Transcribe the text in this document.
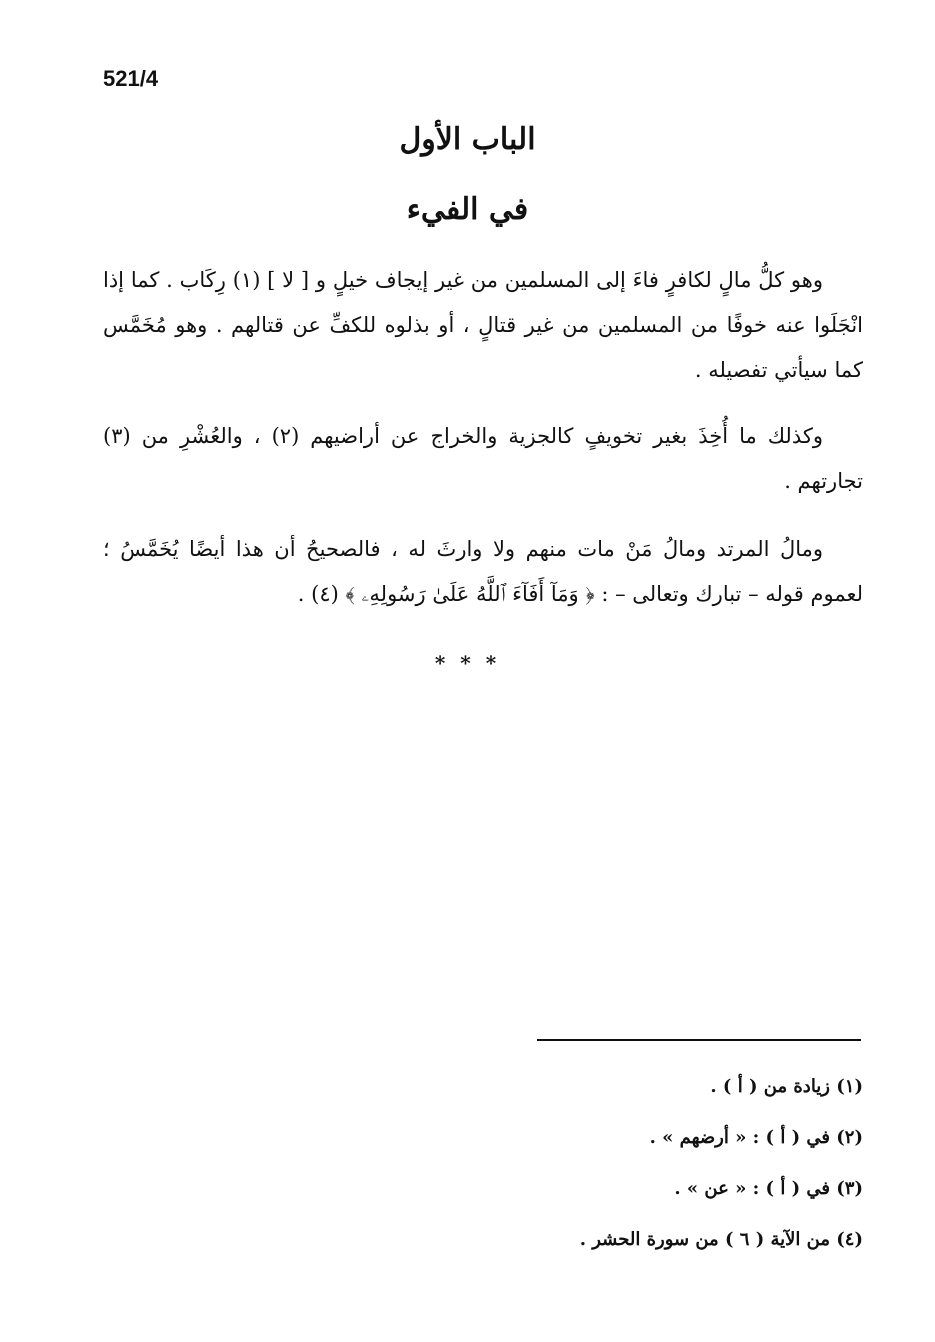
521/4
الباب الأول
في الفيء
وهو كلُّ مالٍ لكافرٍ فاءَ إلى المسلمين من غير إيجاف خيلٍ و [ لا ] (١) رِكَاب . كما إذا انْجَلَوا عنه خوفًا من المسلمين من غير قتالٍ ، أو بذلوه للكفِّ عن قتالهم . وهو مُخَمَّس كما سيأتي تفصيله .
وكذلك ما أُخِذَ بغير تخويفٍ كالجزية والخراج عن أراضيهم (٢) ، والعُشْرِ من (٣) تجارتهم .
ومالُ المرتد ومالُ مَنْ مات منهم ولا وارثَ له ، فالصحيحُ أن هذا أيضًا يُخَمَّسُ ؛ لعموم قوله – تبارك وتعالى – : ﴿ وَمَآ أَفَآءَ ٱللَّهُ عَلَىٰ رَسُولِهِۦ ﴾ (٤) .
* * *
(١) زيادة من ( أ ) .
(٢) في ( أ ) : « أرضهم » .
(٣) في ( أ ) : « عن » .
(٤) من الآية ( ٦ ) من سورة الحشر .
